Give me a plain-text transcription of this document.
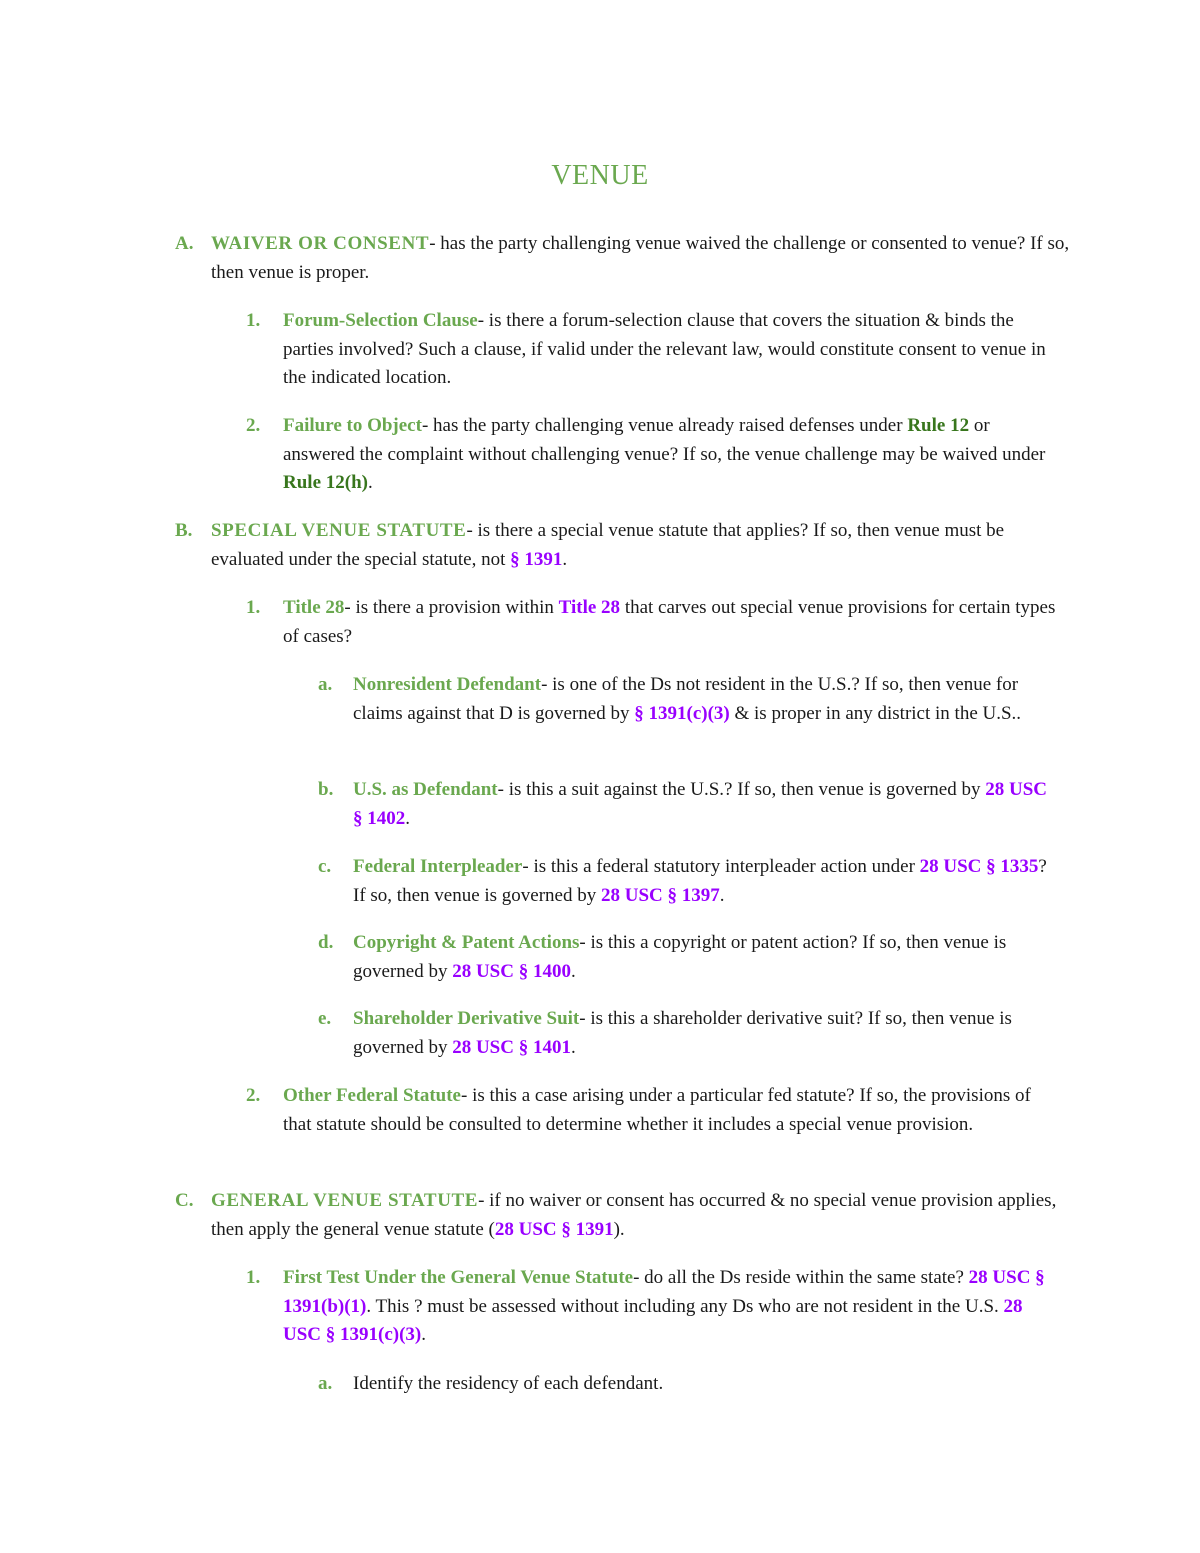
VENUE
A. WAIVER OR CONSENT- has the party challenging venue waived the challenge or consented to venue? If so, then venue is proper.
1. Forum-Selection Clause- is there a forum-selection clause that covers the situation & binds the parties involved? Such a clause, if valid under the relevant law, would constitute consent to venue in the indicated location.
2. Failure to Object- has the party challenging venue already raised defenses under Rule 12 or answered the complaint without challenging venue? If so, the venue challenge may be waived under Rule 12(h).
B. SPECIAL VENUE STATUTE- is there a special venue statute that applies? If so, then venue must be evaluated under the special statute, not § 1391.
1. Title 28- is there a provision within Title 28 that carves out special venue provisions for certain types of cases?
a. Nonresident Defendant- is one of the Ds not resident in the U.S.? If so, then venue for claims against that D is governed by § 1391(c)(3) & is proper in any district in the U.S..
b. U.S. as Defendant- is this a suit against the U.S.? If so, then venue is governed by 28 USC § 1402.
c. Federal Interpleader- is this a federal statutory interpleader action under 28 USC § 1335? If so, then venue is governed by 28 USC § 1397.
d. Copyright & Patent Actions- is this a copyright or patent action? If so, then venue is governed by 28 USC § 1400.
e. Shareholder Derivative Suit- is this a shareholder derivative suit? If so, then venue is governed by 28 USC § 1401.
2. Other Federal Statute- is this a case arising under a particular fed statute? If so, the provisions of that statute should be consulted to determine whether it includes a special venue provision.
C. GENERAL VENUE STATUTE- if no waiver or consent has occurred & no special venue provision applies, then apply the general venue statute (28 USC § 1391).
1. First Test Under the General Venue Statute- do all the Ds reside within the same state? 28 USC § 1391(b)(1). This ? must be assessed without including any Ds who are not resident in the U.S. 28 USC § 1391(c)(3).
a. Identify the residency of each defendant.
